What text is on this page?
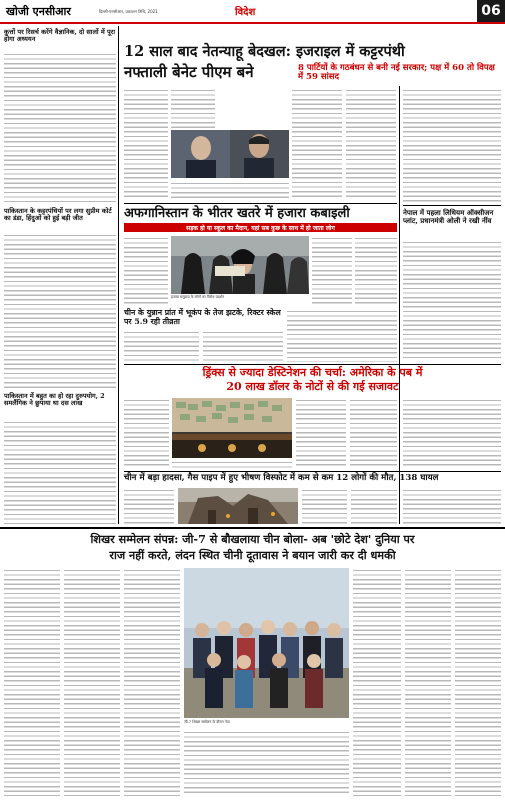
खोजी एनसीआर	दिल्ली-एनसीआर, प्रकाशन तिथि, 2021	विदेश	06
कुत्तों पर रिसर्च करेंगे वैज्ञानिक, दो सालों में पूरा होगा अध्ययन
पाकिस्तान के कट्टरपंथियों पर लगा सुप्रीम कोर्ट का डंडा, हिंदुओं को हुई बड़ी जीत
पाकिस्तान में बहुत का हो रहा दुरुपयोग, 2 समलैंगिक ने छुपाया था दस लाख
12 साल बाद नेतन्याहू बेदखल: इजराइल में कट्टरपंथी
नफ्ताली बेनेट पीएम बने	8 पार्टियों के गठबंधन से बनी नई सरकार; पक्ष में 60 तो विपक्ष में 59 सांसद
नेपाल में पहला लिथियम ऑक्सीजन प्लांट, प्रधानमंत्री ओली ने रखी नींव
अफगानिस्तान के भीतर खतरे में हजारा कबाइली
सड़क हो या स्कूल का मैदान, यहां सब कुछ के साथ में हो जाता लोग
हजारा समुदाय के लोगों का विरोध प्रदर्शन
चीन के युन्नान प्रांत में भूकंप के तेज झटके, रिक्टर स्केल पर 5.9 रही तीव्रता
ड्रिंक्स से ज्यादा डेस्टिनेशन की चर्चा: अमेरिका के पब में
20 लाख डॉलर के नोटों से की गई सजावट
चीन में बड़ा हादसा, गैस पाइप में हुए भीषण विस्फोट में कम से कम 12 लोगों की मौत, 138 घायल
शिखर सम्मेलन संपन्न: जी-7 से बौखलाया चीन बोला- अब 'छोटे देश' दुनिया पर
राज नहीं करते, लंदन स्थित चीनी दूतावास ने बयान जारी कर दी धमकी
जी-7 शिखर सम्मेलन के दौरान नेता
